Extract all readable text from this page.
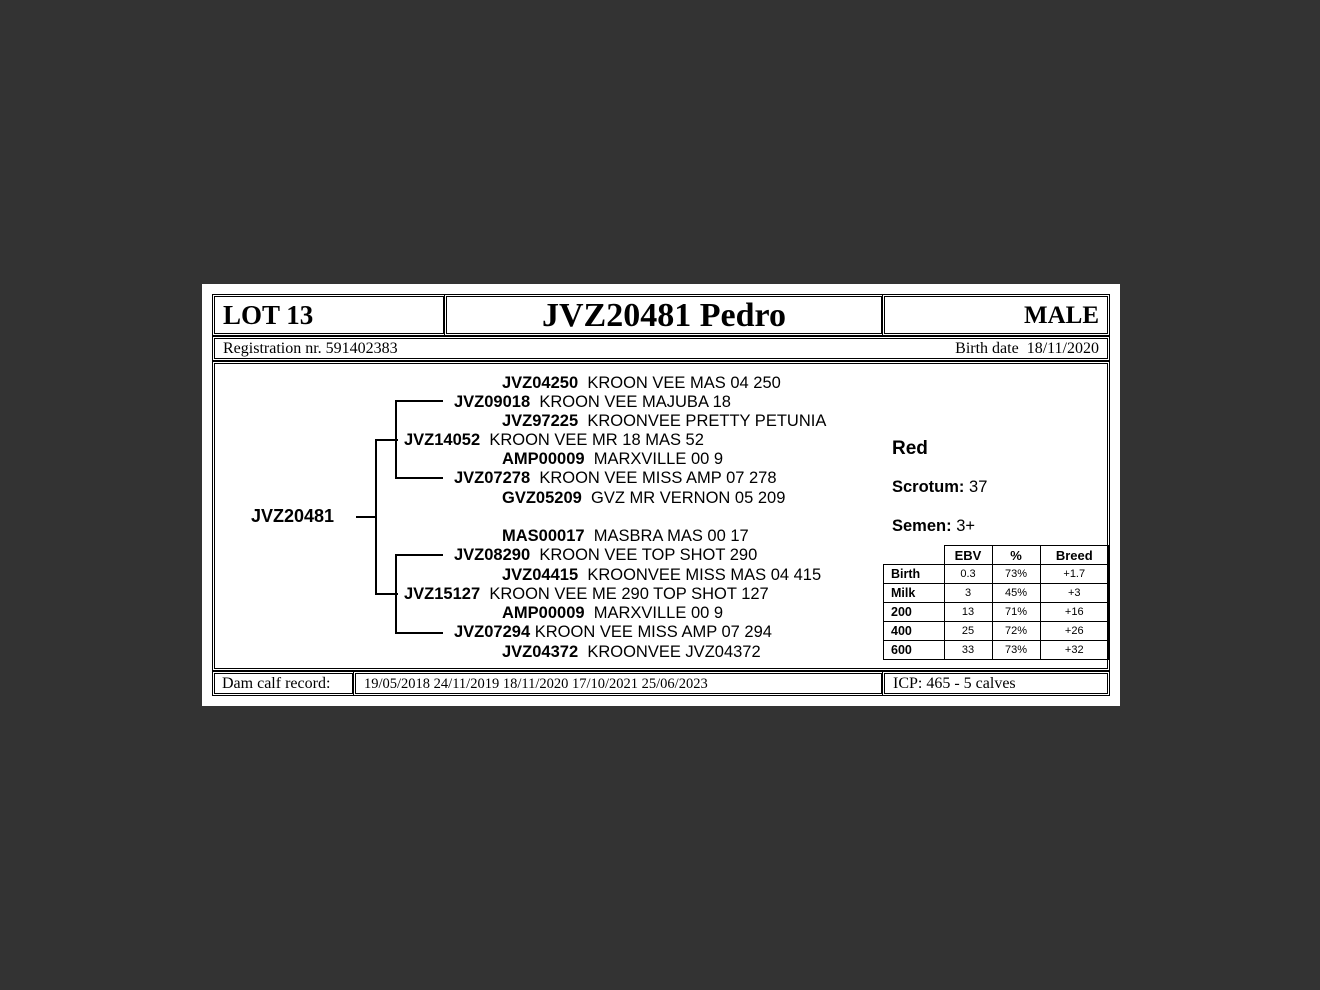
LOT 13	JVZ20481 Pedro	MALE
Registration nr. 591402383	Birth date  18/11/2020
JVZ20481
JVZ04250 KROON VEE MAS 04 250
JVZ09018 KROON VEE MAJUBA 18
JVZ97225 KROONVEE PRETTY PETUNIA
JVZ14052 KROON VEE MR 18 MAS 52
AMP00009 MARXVILLE 00 9
JVZ07278 KROON VEE MISS AMP 07 278
GVZ05209 GVZ MR VERNON 05 209
MAS00017 MASBRA MAS 00 17
JVZ08290 KROON VEE TOP SHOT 290
JVZ04415 KROONVEE MISS MAS 04 415
JVZ15127 KROON VEE ME 290 TOP SHOT 127
AMP00009 MARXVILLE 00 9
JVZ07294 KROON VEE MISS AMP 07 294
JVZ04372 KROONVEE JVZ04372
Red
Scrotum: 37
Semen: 3+
	EBV	%	Breed
Birth	0.3	73%	+1.7
Milk	3	45%	+3
200	13	71%	+16
400	25	72%	+26
600	33	73%	+32
Dam calf record: 19/05/2018 24/11/2019 18/11/2020 17/10/2021 25/06/2023	ICP: 465 - 5 calves
